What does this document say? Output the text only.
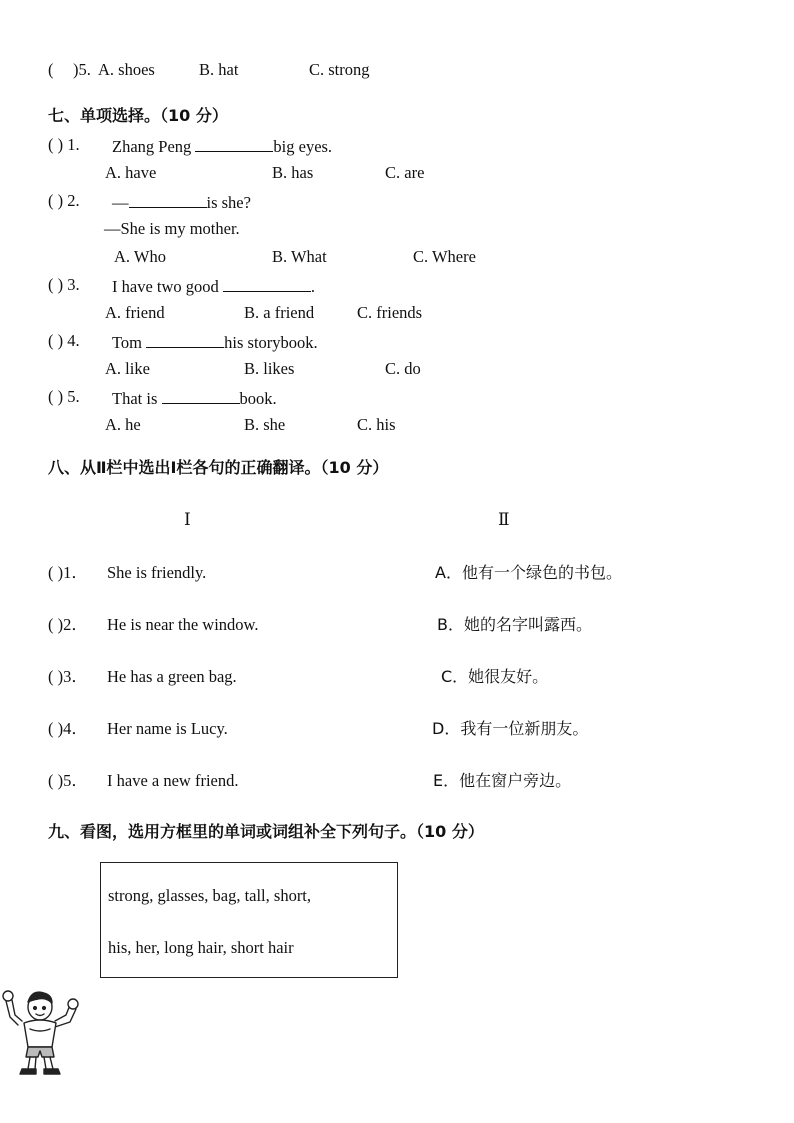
( )5. A. shoes	B. hat	C. strong
七、单项选择。（10 分）
( ) 1. Zhang Peng	big eyes.
A. have	B. has	C. are
( ) 2. —	is she?
—She is my mother.
A. Who	B. What	C. Where
( ) 3. I have two good	.
A. friend	B. a friend	C. friends
( ) 4. Tom	his storybook.
A. like	B. likes	C. do
( ) 5. That is	book.
A. he	B. she	C. his
八、从Ⅱ栏中选出Ⅰ栏各句的正确翻译。（10 分）
Ⅰ	Ⅱ
( )1． She is friendly.	A．他有一个绿色的书包。
( )2． He is near the window.	B．她的名字叫露西。
( )3． He has a green bag.	C．她很友好。
( )4． Her name is Lucy.	D．我有一位新朋友。
( )5． I have a new friend.	E．他在窗户旁边。
九、看图，选用方框里的单词或词组补全下列句子。（10 分）
strong, glasses, bag, tall, short,
his, her, long hair, short hair
